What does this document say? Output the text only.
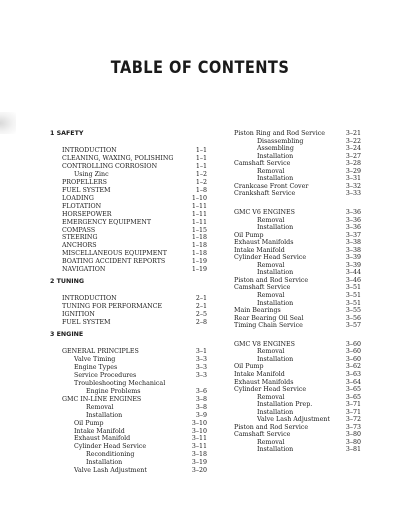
TABLE OF CONTENTS
1 SAFETY
INTRODUCTION	1–1
CLEANING, WAXING, POLISHING	1–1
CONTROLLING CORROSION	1–1
Using Zinc	1–2
PROPELLERS	1–2
FUEL SYSTEM	1–8
LOADING	1–10
FLOTATION	1–11
HORSEPOWER	1–11
EMERGENCY EQUIPMENT	1–11
COMPASS	1–15
STEERING	1–18
ANCHORS	1–18
MISCELLANEOUS EQUIPMENT	1–18
BOATING ACCIDENT REPORTS	1–19
NAVIGATION	1–19
2 TUNING
INTRODUCTION	2–1
TUNING FOR PERFORMANCE	2–1
IGNITION	2–5
FUEL SYSTEM	2–8
3 ENGINE
GENERAL PRINCIPLES	3–1
Valve Timing	3–3
Engine Types	3–3
Service Procedures	3–3
Troubleshooting Mechanical
Engine Problems	3–6
GMC IN-LINE ENGINES	3–8
Removal	3–8
Installation	3–9
Oil Pump	3–10
Intake Manifold	3–10
Exhaust Manifold	3–11
Cylinder Head Service	3–11
Reconditioning	3–18
Installation	3–19
Valve Lash Adjustment	3–20
Piston Ring and Rod Service	3–21
Disassembling	3–22
Assembling	3–24
Installation	3–27
Camshaft Service	3–28
Removal	3–29
Installation	3–31
Crankcase Front Cover	3–32
Crankshaft Service	3–33
GMC V6 ENGINES	3–36
Removal	3–36
Installation	3–36
Oil Pump	3–37
Exhaust Manifolds	3–38
Intake Manifold	3–38
Cylinder Head Service	3–39
Removal	3–39
Installation	3–44
Piston and Rod Service	3–46
Camshaft Service	3–51
Removal	3–51
Installation	3–51
Main Bearings	3–55
Rear Bearing Oil Seal	3–56
Timing Chain Service	3–57
GMC V8 ENGINES	3–60
Removal	3–60
Installation	3–60
Oil Pump	3–62
Intake Manifold	3–63
Exhaust Manifolds	3–64
Cylinder Head Service	3–65
Removal	3–65
Installation Prep.	3–71
Installation	3–71
Valve Lash Adjustment	3–72
Piston and Rod Service	3–73
Camshaft Service	3–80
Removal	3–80
Installation	3–81
